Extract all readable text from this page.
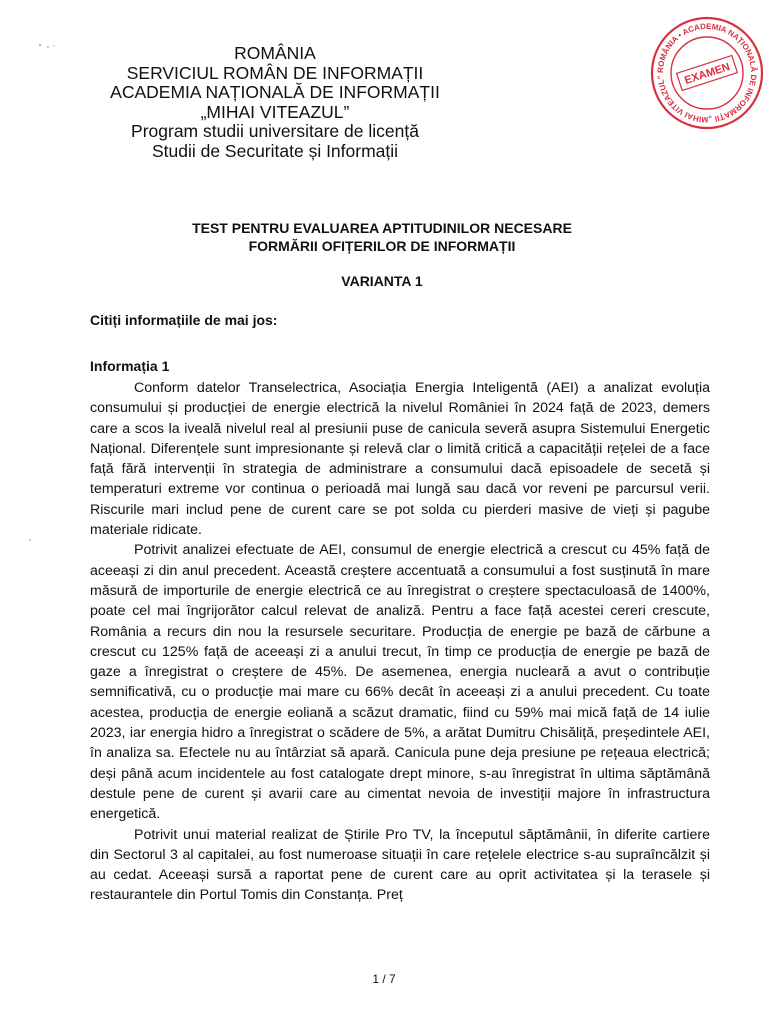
ROMÂNIA
SERVICIUL ROMÂN DE INFORMAȚII
ACADEMIA NAȚIONALĂ DE INFORMAȚII
„MIHAI VITEAZUL”
Program studii universitare de licență
Studii de Securitate și Informații
ROMÂNIA • ACADEMIA NAȚIONALĂ DE INFORMAȚII „MIHAI VITEAZUL”	EXAMEN
TEST PENTRU EVALUAREA APTITUDINILOR NECESARE
FORMĂRII OFIȚERILOR DE INFORMAȚII
VARIANTA 1
Citiți informațiile de mai jos:
Informația 1

Conform datelor Transelectrica, Asociația Energia Inteligentă (AEI) a analizat evoluția consumului și producției de energie electrică la nivelul României în 2024 față de 2023, demers care a scos la iveală nivelul real al presiunii puse de canicula severă asupra Sistemului Energetic Național. Diferențele sunt impresionante și relevă clar o limită critică a capacității rețelei de a face față fără intervenții în strategia de administrare a consumului dacă episoadele de secetă și temperaturi extreme vor continua o perioadă mai lungă sau dacă vor reveni pe parcursul verii. Riscurile mari includ pene de curent care se pot solda cu pierderi masive de vieți și pagube materiale ridicate.

Potrivit analizei efectuate de AEI, consumul de energie electrică a crescut cu 45% față de aceeași zi din anul precedent. Această creștere accentuată a consumului a fost susținută în mare măsură de importurile de energie electrică ce au înregistrat o creștere spectaculoasă de 1400%, poate cel mai îngrijorător calcul relevat de analiză. Pentru a face față acestei cereri crescute, România a recurs din nou la resursele securitare. Producția de energie pe bază de cărbune a crescut cu 125% față de aceeași zi a anului trecut, în timp ce producția de energie pe bază de gaze a înregistrat o creștere de 45%. De asemenea, energia nucleară a avut o contribuție semnificativă, cu o producție mai mare cu 66% decât în aceeași zi a anului precedent. Cu toate acestea, producția de energie eoliană a scăzut dramatic, fiind cu 59% mai mică față de 14 iulie 2023, iar energia hidro a înregistrat o scădere de 5%, a arătat Dumitru Chisăliță, președintele AEI, în analiza sa. Efectele nu au întârziat să apară. Canicula pune deja presiune pe rețeaua electrică; deși până acum incidentele au fost catalogate drept minore, s-au înregistrat în ultima săptămână destule pene de curent și avarii care au cimentat nevoia de investiții majore în infrastructura energetică.

Potrivit unui material realizat de Știrile Pro TV, la începutul săptămânii, în diferite cartiere din Sectorul 3 al capitalei, au fost numeroase situații în care rețelele electrice s-au supraîncălzit și au cedat. Aceeași sursă a raportat pene de curent care au oprit activitatea și la terasele și restaurantele din Portul Tomis din Constanța. Preț

1 / 7
